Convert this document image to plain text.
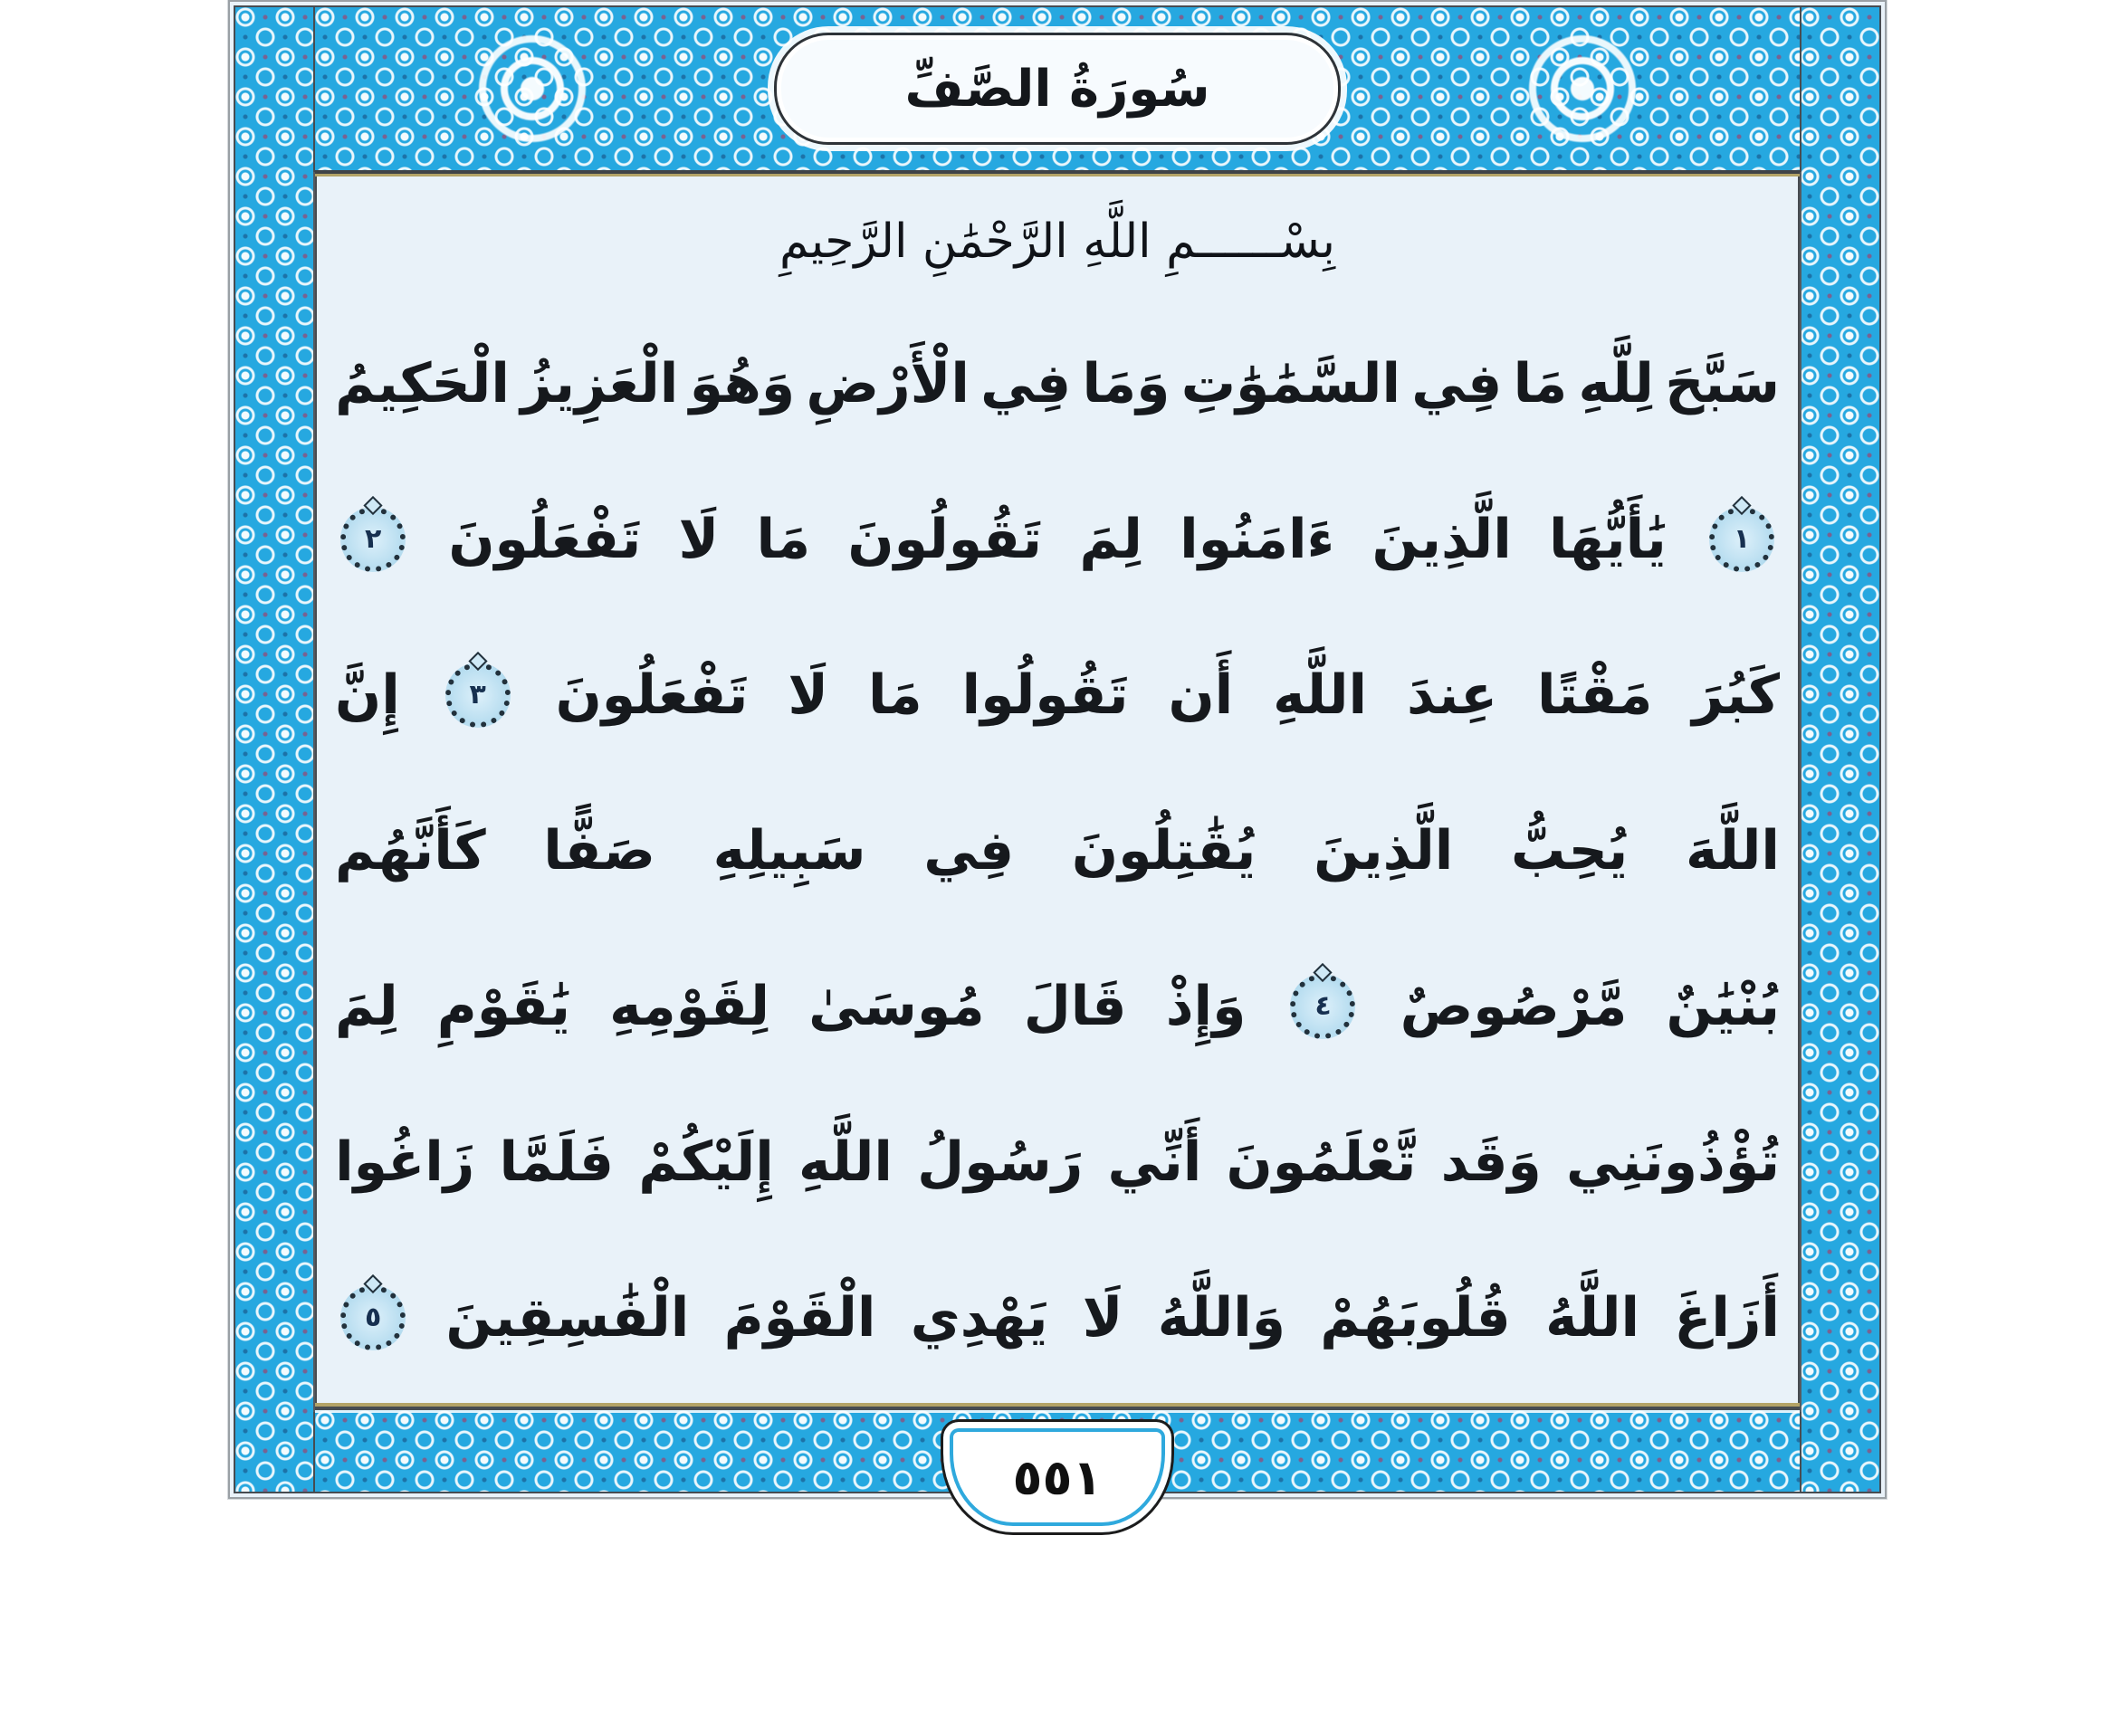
سُورَةُ الصَّفِّ
بِسْــــــمِ اللَّهِ الرَّحْمَٰنِ الرَّحِيمِ
سَبَّحَ
لِلَّهِ
مَا
فِي
السَّمَٰوَٰتِ
وَمَا
فِي
الْأَرْضِ
وَهُوَ
الْعَزِيزُ
الْحَكِيمُ
١
يَٰأَيُّهَا
الَّذِينَ
ءَامَنُوا
لِمَ
تَقُولُونَ
مَا
لَا
تَفْعَلُونَ
٢
كَبُرَ
مَقْتًا
عِندَ
اللَّهِ
أَن
تَقُولُوا
مَا
لَا
تَفْعَلُونَ
٣
إِنَّ
اللَّهَ
يُحِبُّ
الَّذِينَ
يُقَٰتِلُونَ
فِي
سَبِيلِهِ
صَفًّا
كَأَنَّهُم
بُنْيَٰنٌ
مَّرْصُوصٌ
٤
وَإِذْ
قَالَ
مُوسَىٰ
لِقَوْمِهِ
يَٰقَوْمِ
لِمَ
تُؤْذُونَنِي
وَقَد
تَّعْلَمُونَ
أَنِّي
رَسُولُ
اللَّهِ
إِلَيْكُمْ
فَلَمَّا
زَاغُوا
أَزَاغَ
اللَّهُ
قُلُوبَهُمْ
وَاللَّهُ
لَا
يَهْدِي
الْقَوْمَ
الْفَٰسِقِينَ
٥
٥٥١
